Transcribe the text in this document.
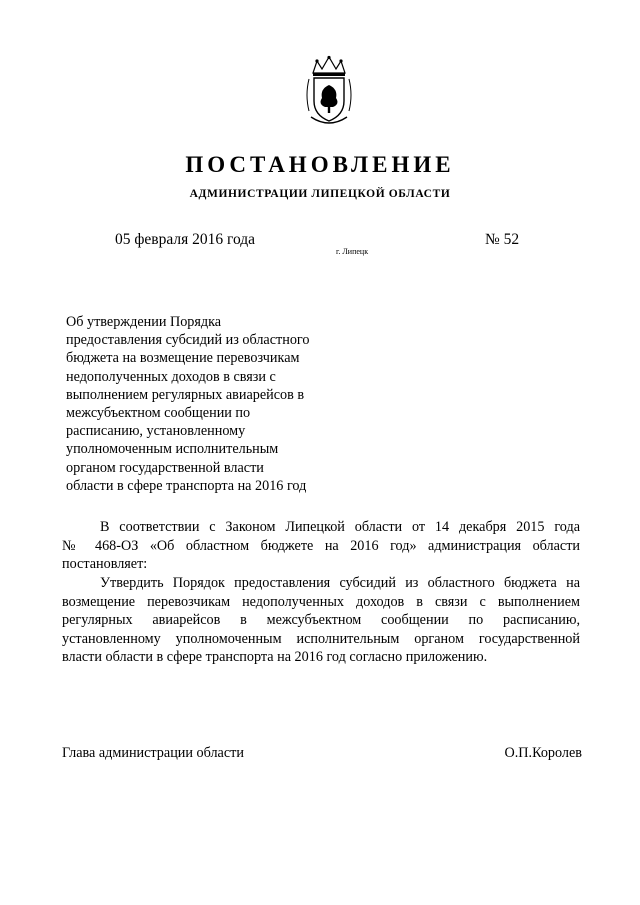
ПОСТАНОВЛЕНИЕ
АДМИНИСТРАЦИИ ЛИПЕЦКОЙ ОБЛАСТИ
05 февраля 2016 года
г. Липецк
№ 52
Об утверждении Порядка
предоставления субсидий из областного
бюджета на возмещение перевозчикам
недополученных доходов в связи с
выполнением регулярных авиарейсов в
межсубъектном сообщении по
расписанию, установленному
уполномоченным исполнительным
органом государственной власти
области в сфере транспорта на 2016 год
В соответствии с Законом Липецкой области от 14 декабря 2015 года
№ 468-ОЗ «Об областном бюджете на 2016 год» администрация области
постановляет:
Утвердить Порядок предоставления субсидий из областного бюджета на
возмещение перевозчикам недополученных доходов в связи с выполнением
регулярных авиарейсов в межсубъектном сообщении по расписанию,
установленному уполномоченным исполнительным органом государственной
власти области в сфере транспорта на 2016 год согласно приложению.
Глава администрации области	О.П.Королев
